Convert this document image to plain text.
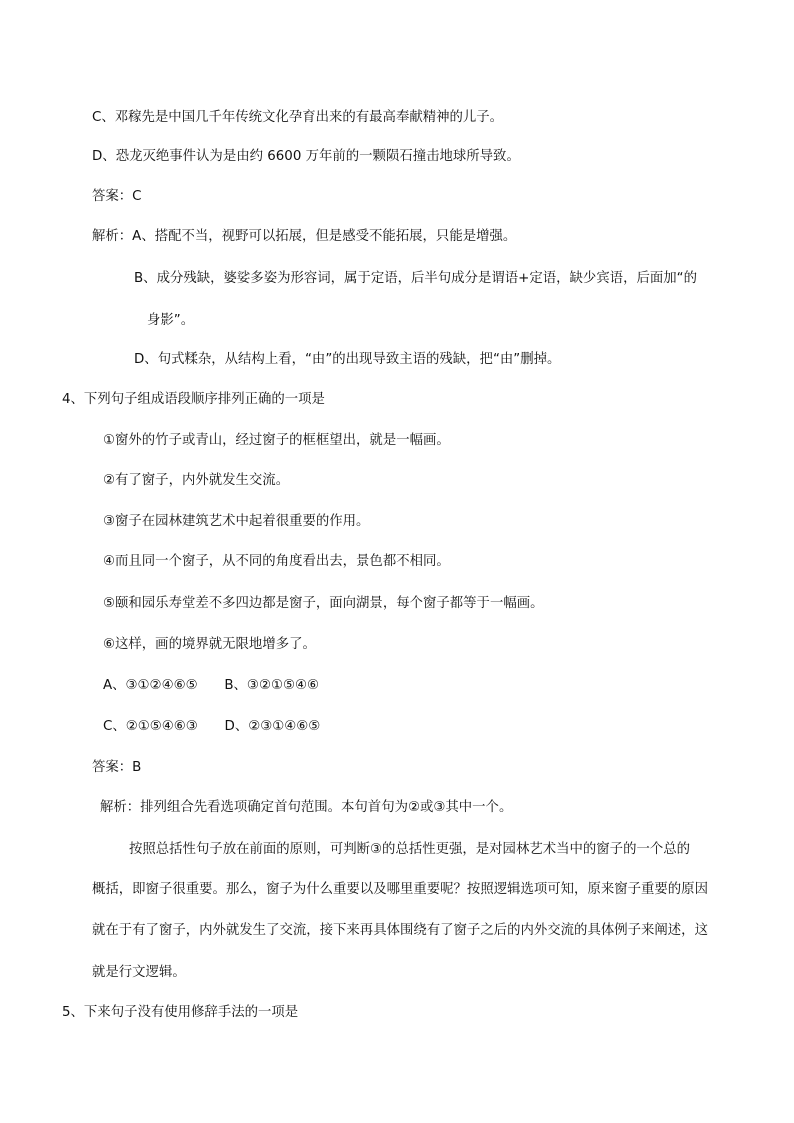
C、邓稼先是中国几千年传统文化孕育出来的有最高奉献精神的儿子。
D、恐龙灭绝事件认为是由约 6600 万年前的一颗陨石撞击地球所导致。
答案：C
解析：A、搭配不当，视野可以拓展，但是感受不能拓展，只能是增强。
B、成分残缺，婆娑多姿为形容词，属于定语，后半句成分是谓语+定语，缺少宾语，后面加“的
身影”。
D、句式糅杂，从结构上看，“由”的出现导致主语的残缺，把“由”删掉。
4、下列句子组成语段顺序排列正确的一项是
①窗外的竹子或青山，经过窗子的框框望出，就是一幅画。
②有了窗子，内外就发生交流。
③窗子在园林建筑艺术中起着很重要的作用。
④而且同一个窗子，从不同的角度看出去，景色都不相同。
⑤颐和园乐寿堂差不多四边都是窗子，面向湖景，每个窗子都等于一幅画。
⑥这样，画的境界就无限地增多了。
A、③①②④⑥⑤　　B、③②①⑤④⑥
C、②①⑤④⑥③　　D、②③①④⑥⑤
答案：B
解析：排列组合先看选项确定首句范围。本句首句为②或③其中一个。
按照总括性句子放在前面的原则，可判断③的总括性更强，是对园林艺术当中的窗子的一个总的
概括，即窗子很重要。那么，窗子为什么重要以及哪里重要呢？按照逻辑选项可知，原来窗子重要的原因
就在于有了窗子，内外就发生了交流，接下来再具体围绕有了窗子之后的内外交流的具体例子来阐述，这
就是行文逻辑。
5、下来句子没有使用修辞手法的一项是
